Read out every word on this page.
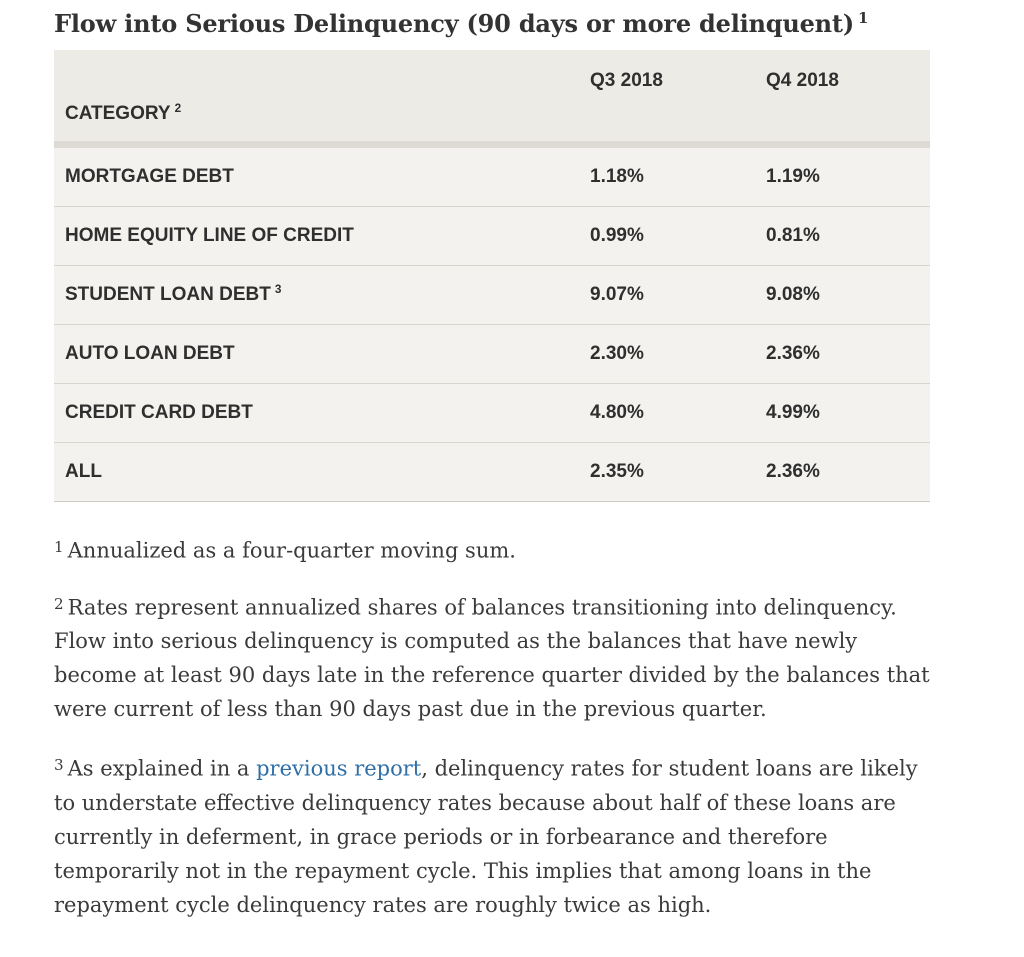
Flow into Serious Delinquency (90 days or more delinquent) $^1$
CATEGORY $^2$	Q3 2018	Q4 2018
MORTGAGE DEBT	1.18%	1.19%
HOME EQUITY LINE OF CREDIT	0.99%	0.81%
STUDENT LOAN DEBT $^3$	9.07%	9.08%
AUTO LOAN DEBT	2.30%	2.36%
CREDIT CARD DEBT	4.80%	4.99%
ALL	2.35%	2.36%

$^1$ Annualized as a four-quarter moving sum.

$^2$ Rates represent annualized shares of balances transitioning into delinquency. Flow into serious delinquency is computed as the balances that have newly become at least 90 days late in the reference quarter divided by the balances that were current of less than 90 days past due in the previous quarter.

$^3$ As explained in a previous report, delinquency rates for student loans are likely to understate effective delinquency rates because about half of these loans are currently in deferment, in grace periods or in forbearance and therefore temporarily not in the repayment cycle. This implies that among loans in the repayment cycle delinquency rates are roughly twice as high.
